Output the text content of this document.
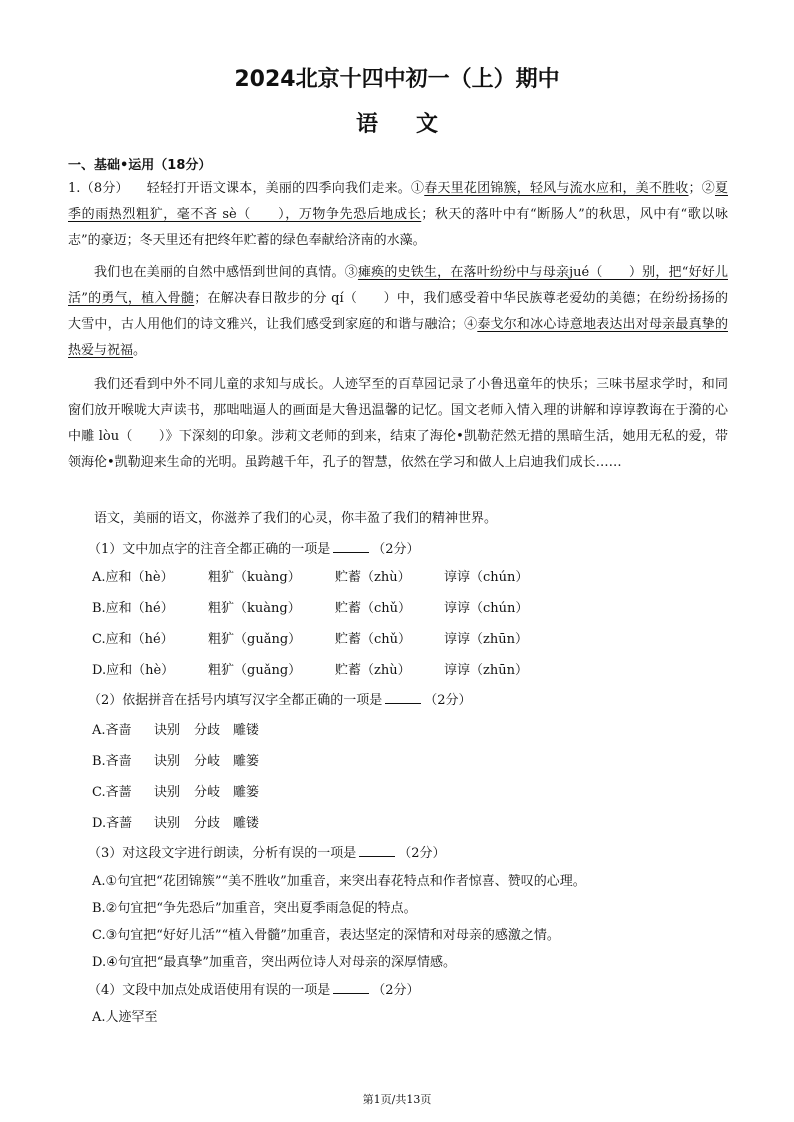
2024北京十四中初一（上）期中
语文
一、基础•运用（18分）
1.（8分） 轻轻打开语文课本，美丽的四季向我们走来。①春天里花团锦簇，轻风与流水应和，美不胜收；②夏季的雨热烈粗犷，毫不吝 sè（　　），万物争先恐后地成长；秋天的落叶中有“断肠人”的秋思，风中有“歌以咏志”的豪迈；冬天里还有把终年贮蓄的绿色奉献给济南的水藻。
我们也在美丽的自然中感悟到世间的真情。③瘫痪的史铁生，在落叶纷纷中与母亲jué（　　）别，把“好好儿活”的勇气，植入骨髓；在解决春日散步的分 qí（　　）中，我们感受着中华民族尊老爱幼的美德；在纷纷扬扬的大雪中，古人用他们的诗文雅兴，让我们感受到家庭的和谐与融洽；④泰戈尔和冰心诗意地表达出对母亲最真挚的热爱与祝福。
我们还看到中外不同儿童的求知与成长。人迹罕至的百草园记录了小鲁迅童年的快乐；三味书屋求学时，和同窗们放开喉咙大声读书，那咄咄逼人的画面是大鲁迅温馨的记忆。国文老师入情入理的讲解和谆谆教诲在于漪的心中雕 lòu（　　）》下深刻的印象。涉莉文老师的到来，结束了海伦•凯勒茫然无措的黑暗生活，她用无私的爱，带领海伦•凯勒迎来生命的光明。虽跨越千年，孔子的智慧，依然在学习和做人上启迪我们成长……
语文，美丽的语文，你滋养了我们的心灵，你丰盈了我们的精神世界。
（1）文中加点字的注音全都正确的一项是	（2分）
A.应和（hè）	粗犷（kuàng）	贮蓄（zhù）	谆谆（chún）
B.应和（hé）	粗犷（kuàng）	贮蓄（chǔ）	谆谆（chún）
C.应和（hé）	粗犷（guǎng）	贮蓄（chǔ）	谆谆（zhūn）
D.应和（hè）	粗犷（guǎng）	贮蓄（zhù）	谆谆（zhūn）
（2）依据拼音在括号内填写汉字全都正确的一项是	（2分）
A.吝啬 诀别 分歧 雕镂
B.吝啬 诀别 分岐 雕篓
C.吝蔷 诀别 分岐 雕篓
D.吝蔷 诀别 分歧 雕镂
（3）对这段文字进行朗读，分析有误的一项是	（2分）
A.①句宜把“花团锦簇”“美不胜收”加重音，来突出春花特点和作者惊喜、赞叹的心理。
B.②句宜把“争先恐后”加重音，突出夏季雨急促的特点。
C.③句宜把“好好儿活”“植入骨髓”加重音，表达坚定的深情和对母亲的感激之情。
D.④句宜把“最真挚”加重音，突出两位诗人对母亲的深厚情感。
（4）文段中加点处成语使用有误的一项是	（2分）
A.人迹罕至
第1页/共13页
